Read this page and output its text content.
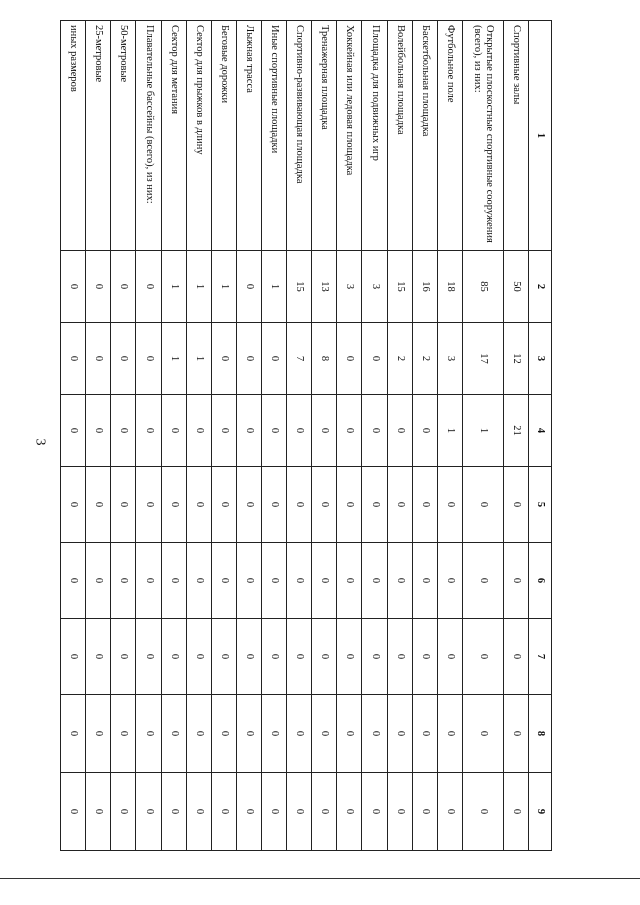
3
1	2	3	4	5	6	7	8	9
Спортивные залы	50	12	21	0	0	0	0	0
Открытые плоскостные спортивные сооружения (всего), из них:	85	17	1	0	0	0	0	0
Футбольное поле	18	3	1	0	0	0	0	0
Баскетбольная площадка	16	2	0	0	0	0	0	0
Волейбольная площадка	15	2	0	0	0	0	0	0
Площадка для подвижных игр	3	0	0	0	0	0	0	0
Хоккейная или ледовая площадка	3	0	0	0	0	0	0	0
Тренажерная площадка	13	8	0	0	0	0	0	0
Спортивно-развивающая площадка	15	7	0	0	0	0	0	0
Иные спортивные площадки	1	0	0	0	0	0	0	0
Лыжная трасса	0	0	0	0	0	0	0	0
Беговые дорожки	1	0	0	0	0	0	0	0
Сектор для прыжков в длину	1	1	0	0	0	0	0	0
Сектор для метания	1	1	0	0	0	0	0	0
Плавательные бассейны (всего), из них:	0	0	0	0	0	0	0	0
50-метровые	0	0	0	0	0	0	0	0
25-метровые	0	0	0	0	0	0	0	0
иных размеров	0	0	0	0	0	0	0	0
